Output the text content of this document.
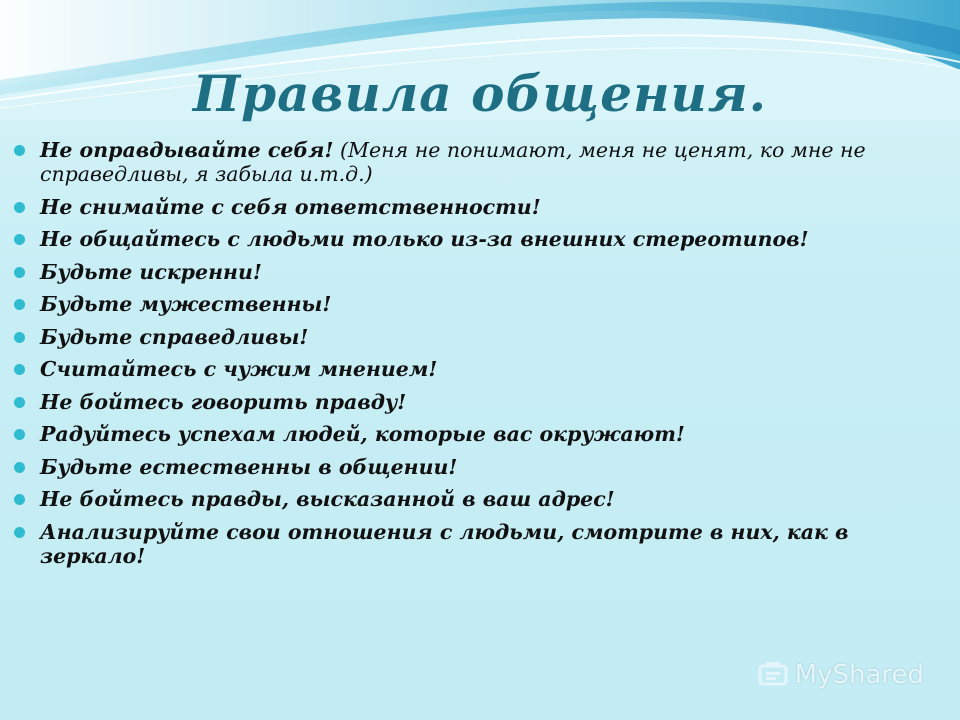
Правила общения.
Не оправдывайте себя! (Меня не понимают, меня не ценят, ко мне не справедливы, я забыла и.т.д.)
Не снимайте с себя ответственности!
Не общайтесь с людьми только из-за внешних стереотипов!
Будьте искренни!
Будьте мужественны!
Будьте справедливы!
Считайтесь с чужим мнением!
Не бойтесь говорить правду!
Радуйтесь успехам людей, которые вас окружают!
Будьте естественны в общении!
Не бойтесь правды, высказанной в ваш адрес!
Анализируйте свои отношения с людьми, смотрите в них, как в зеркало!
MyShared
